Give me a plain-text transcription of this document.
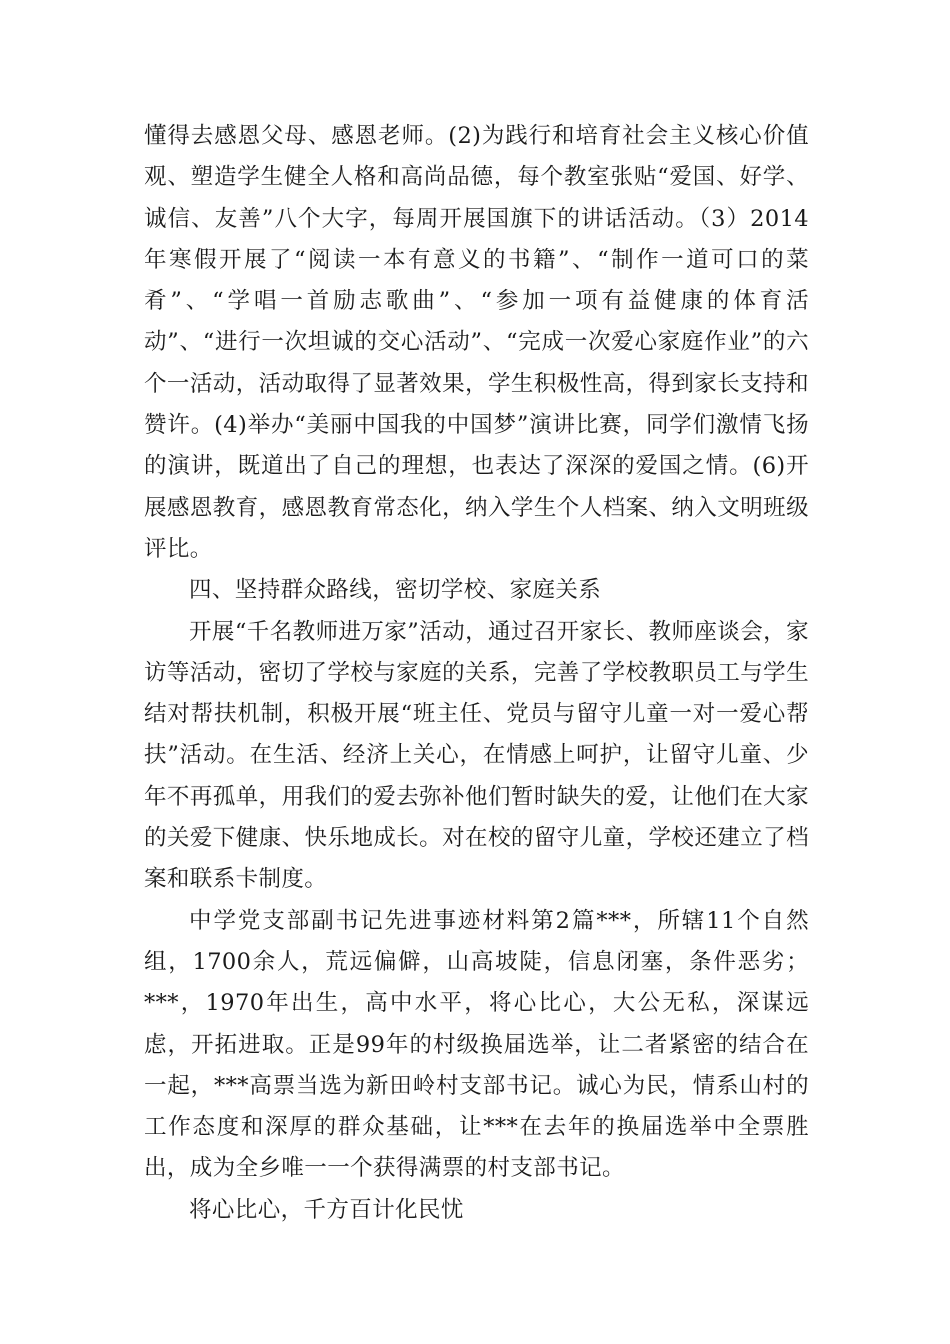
懂得去感恩父母、感恩老师。(2)为践行和培育社会主义核心价值观、塑造学生健全人格和高尚品德，每个教室张贴“爱国、好学、诚信、友善”八个大字，每周开展国旗下的讲话活动。（3）2014年寒假开展了“阅读一本有意义的书籍”、“制作一道可口的菜肴”、“学唱一首励志歌曲”、“参加一项有益健康的体育活动”、“进行一次坦诚的交心活动”、“完成一次爱心家庭作业”的六个一活动，活动取得了显著效果，学生积极性高，得到家长支持和赞许。(4)举办“美丽中国我的中国梦”演讲比赛，同学们激情飞扬的演讲，既道出了自己的理想，也表达了深深的爱国之情。(6)开展感恩教育，感恩教育常态化，纳入学生个人档案、纳入文明班级评比。

四、坚持群众路线，密切学校、家庭关系

开展“千名教师进万家”活动，通过召开家长、教师座谈会，家访等活动，密切了学校与家庭的关系，完善了学校教职员工与学生结对帮扶机制，积极开展“班主任、党员与留守儿童一对一爱心帮扶”活动。在生活、经济上关心，在情感上呵护，让留守儿童、少年不再孤单，用我们的爱去弥补他们暂时缺失的爱，让他们在大家的关爱下健康、快乐地成长。对在校的留守儿童，学校还建立了档案和联系卡制度。

中学党支部副书记先进事迹材料第2篇***，所辖11个自然组，1700余人，荒远偏僻，山高坡陡，信息闭塞，条件恶劣；***，1970年出生，高中水平，将心比心，大公无私，深谋远虑，开拓进取。正是99年的村级换届选举，让二者紧密的结合在一起，***高票当选为新田岭村支部书记。诚心为民，情系山村的工作态度和深厚的群众基础，让***在去年的换届选举中全票胜出，成为全乡唯一一个获得满票的村支部书记。

将心比心，千方百计化民忧
